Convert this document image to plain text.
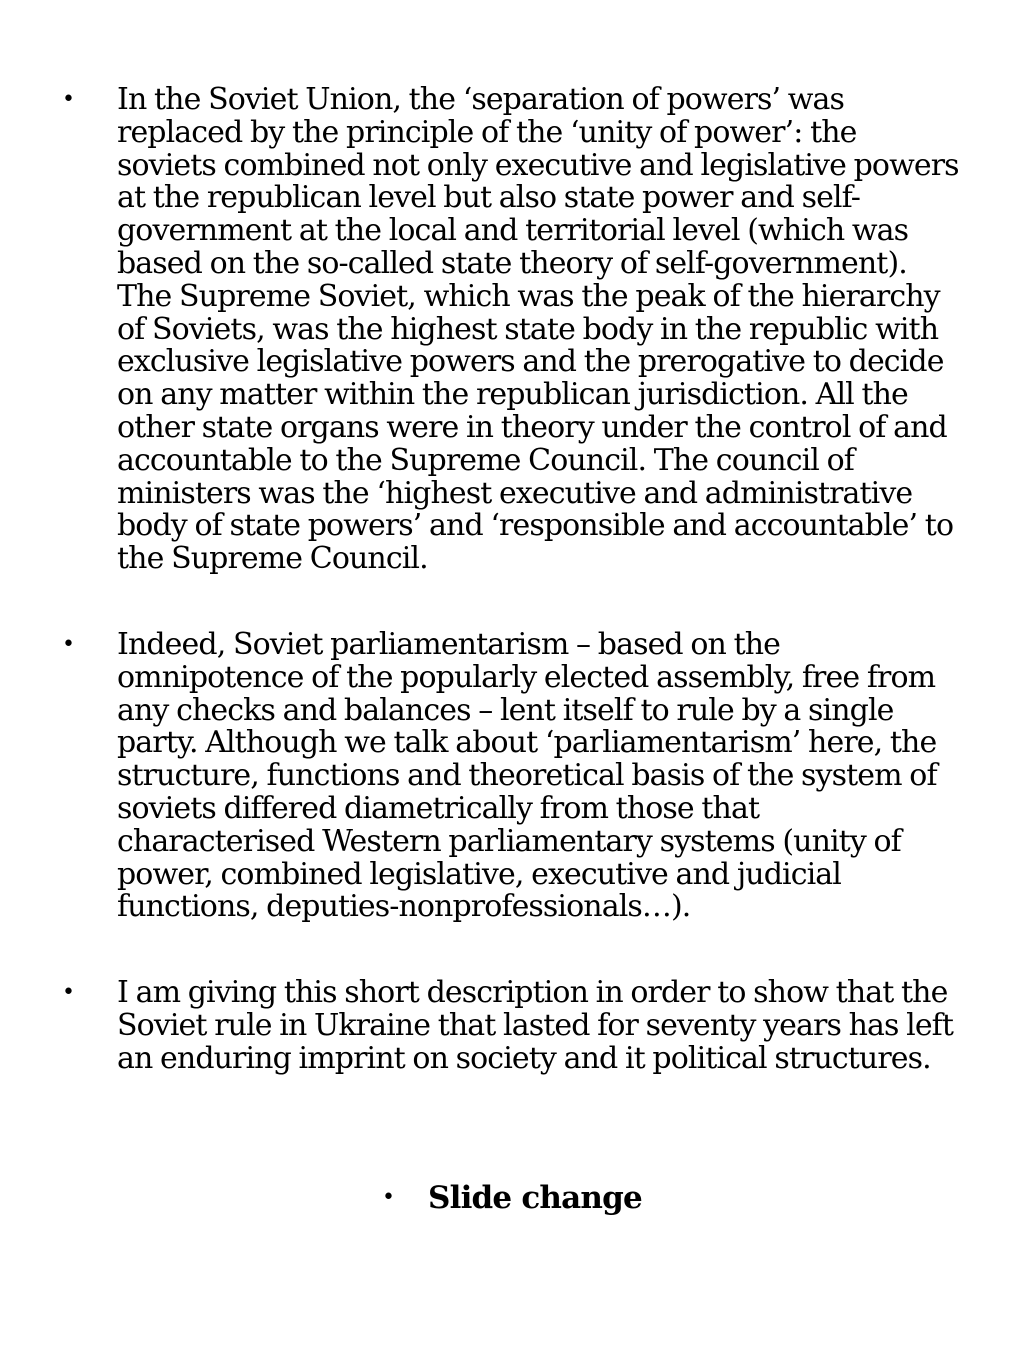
• In the Soviet Union, the ‘separation of powers’ was replaced by the principle of the ‘unity of power’: the soviets combined not only executive and legislative powers at the republican level but also state power and self-government at the local and territorial level (which was based on the so-called state theory of self-government). The Supreme Soviet, which was the peak of the hierarchy of Soviets, was the highest state body in the republic with exclusive legislative powers and the prerogative to decide on any matter within the republican jurisdiction. All the other state organs were in theory under the control of and accountable to the Supreme Council. The council of ministers was the ‘highest executive and administrative body of state powers’ and ‘responsible and accountable’ to the Supreme Council.
• Indeed, Soviet parliamentarism – based on the omnipotence of the popularly elected assembly, free from any checks and balances – lent itself to rule by a single party. Although we talk about ‘parliamentarism’ here, the structure, functions and theoretical basis of the system of soviets differed diametrically from those that characterised Western parliamentary systems (unity of power, combined legislative, executive and judicial functions, deputies-nonprofessionals…).
• I am giving this short description in order to show that the Soviet rule in Ukraine that lasted for seventy years has left an enduring imprint on society and it political structures.
• Slide change
